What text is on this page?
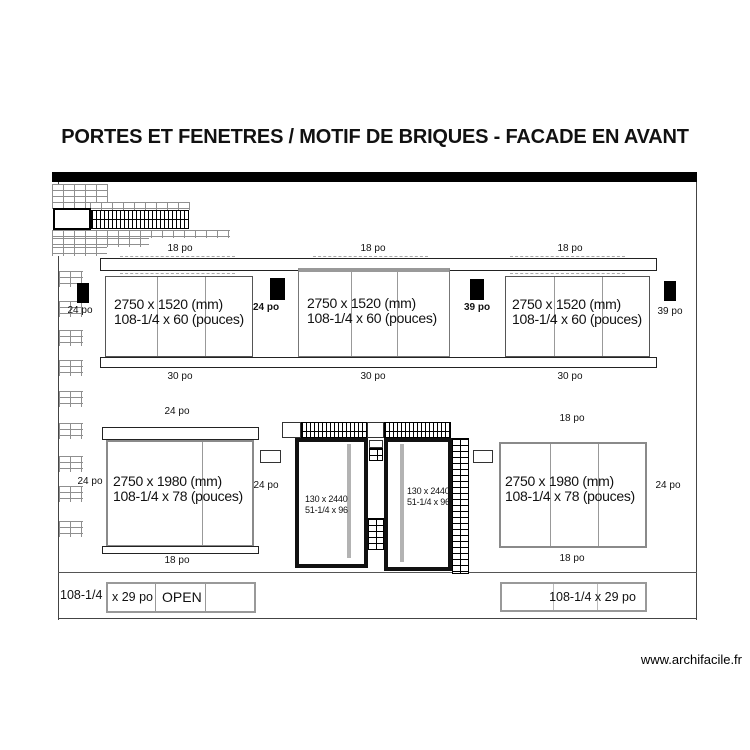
PORTES ET FENETRES / MOTIF DE BRIQUES - FACADE EN AVANT
18 po	18 po	18 po
2750 x 1520 (mm)
108-1/4 x 60 (pouces)
24 po	2750 x 1520 (mm)
108-1/4 x 60 (pouces)
39 po	2750 x 1520 (mm)
108-1/4 x 60 (pouces)
24 po	39 po
30 po	30 po	30 po
24 po
2750 x 1980 (mm)
108-1/4 x 78 (pouces)
18 po
24 po	24 po
130 x 2440
51-1/4 x 96
130 x 2440
51-1/4 x 96
18 po
2750 x 1980 (mm)
108-1/4 x 78 (pouces)
24 po
18 po
108-1/4 x 29 po OPEN	108-1/4 x 29 po
www.archifacile.fr
